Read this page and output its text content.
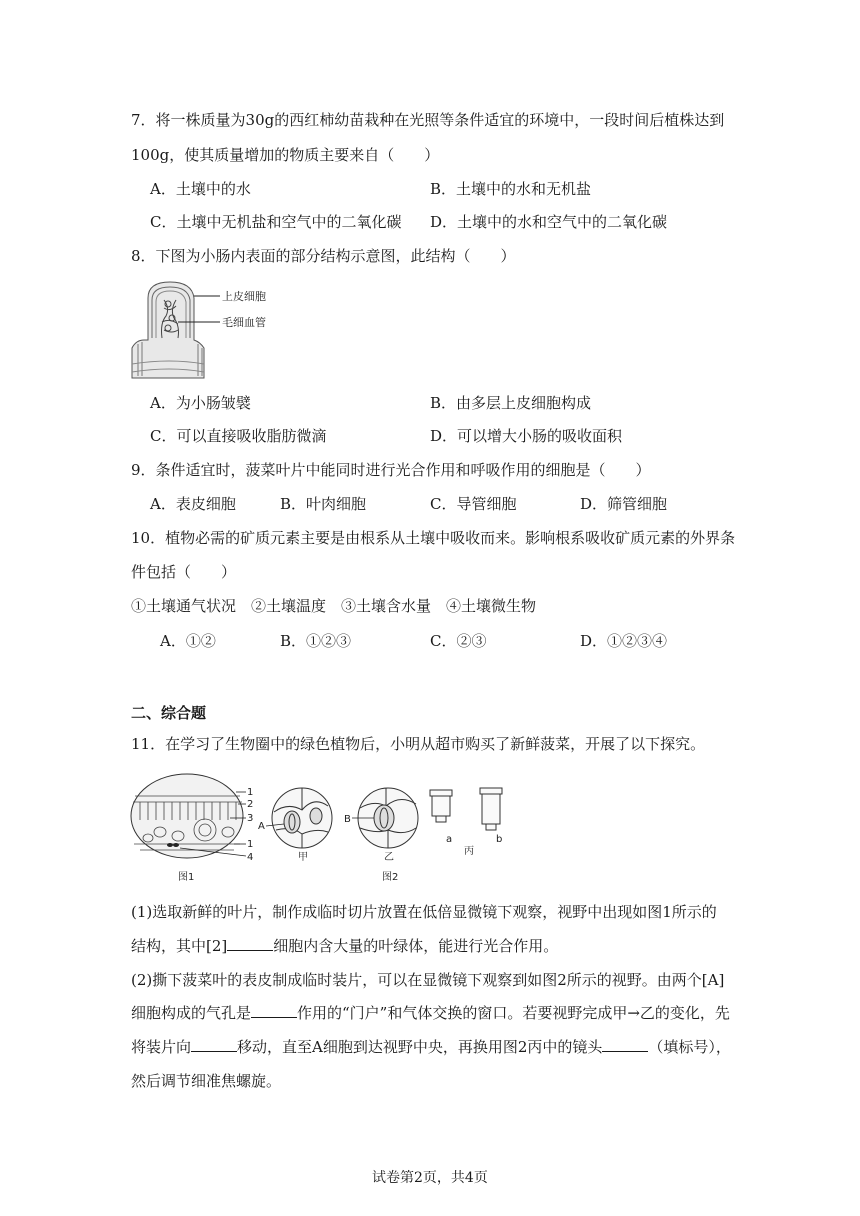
7．将一株质量为30g的西红柿幼苗栽种在光照等条件适宜的环境中，一段时间后植株达到
100g，使其质量增加的物质主要来自（　　）
A．土壤中的水	B．土壤中的水和无机盐
C．土壤中无机盐和空气中的二氧化碳 D．土壤中的水和空气中的二氧化碳
8．下图为小肠内表面的部分结构示意图，此结构（　　）
上皮细胞
毛细血管
A．为小肠皱襞	B．由多层上皮细胞构成
C．可以直接吸收脂肪微滴	D．可以增大小肠的吸收面积
9．条件适宜时，菠菜叶片中能同时进行光合作用和呼吸作用的细胞是（　　）
A．表皮细胞	B．叶肉细胞	C．导管细胞	D．筛管细胞
10．植物必需的矿质元素主要是由根系从土壤中吸收而来。影响根系吸收矿质元素的外界条
件包括（　　）
①土壤通气状况　②土壤温度　③土壤含水量　④土壤微生物
A．①②	B．①②③	C．②③	D．①②③④
二、综合题
11．在学习了生物圈中的绿色植物后，小明从超市购买了新鲜菠菜，开展了以下探究。
1
2
3
1
4
图1
A
甲
B
乙
a	b
丙
图2
(1)选取新鲜的叶片，制作成临时切片放置在低倍显微镜下观察，视野中出现如图1所示的
结构，其中[2]	细胞内含大量的叶绿体，能进行光合作用。
(2)撕下菠菜叶的表皮制成临时装片，可以在显微镜下观察到如图2所示的视野。由两个[A]
细胞构成的气孔是	作用的“门户”和气体交换的窗口。若要视野完成甲→乙的变化，先
将装片向	移动，直至A细胞到达视野中央，再换用图2丙中的镜头	（填标号），
然后调节细准焦螺旋。
试卷第2页，共4页
